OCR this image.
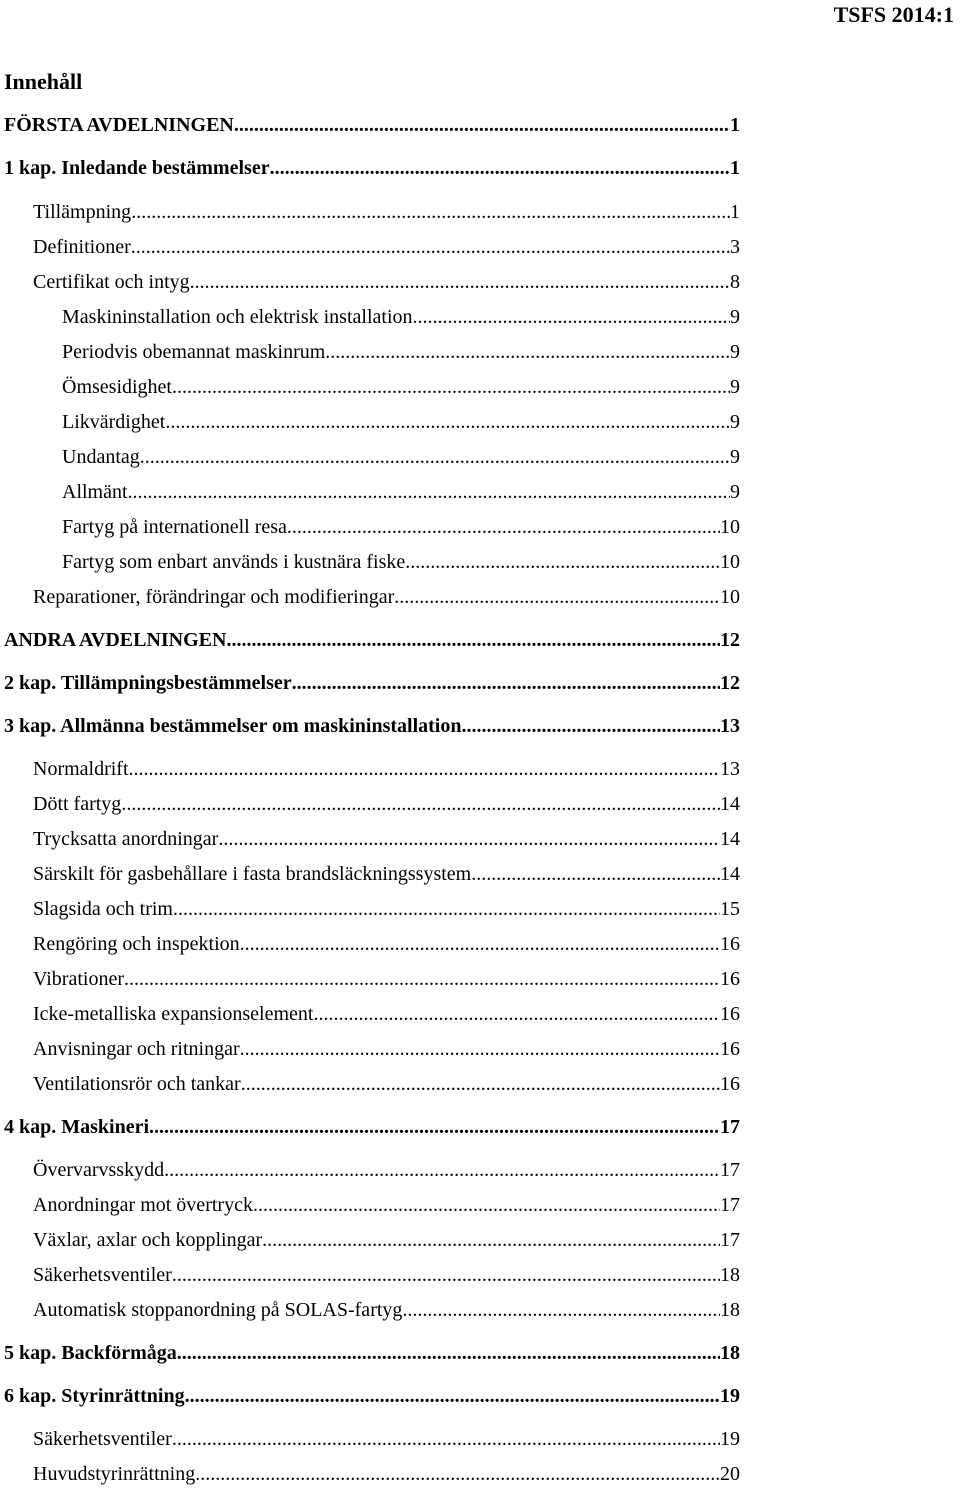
TSFS 2014:1
Innehåll
FÖRSTA AVDELNINGEN .....	1
1 kap. Inledande bestämmelser .....	1
Tillämpning .....	1
Definitioner .....	3
Certifikat och intyg .....	8
Maskininstallation och elektrisk installation .....	9
Periodvis obemannat maskinrum .....	9
Ömsesidighet .....	9
Likvärdighet .....	9
Undantag .....	9
Allmänt .....	9
Fartyg på internationell resa .....	10
Fartyg som enbart används i kustnära fiske .....	10
Reparationer, förändringar och modifieringar .....	10
ANDRA AVDELNINGEN .....	12
2 kap. Tillämpningsbestämmelser .....	12
3 kap. Allmänna bestämmelser om maskininstallation .....	13
Normaldrift .....	13
Dött fartyg .....	14
Trycksatta anordningar .....	14
Särskilt för gasbehållare i fasta brandsläckningssystem .....	14
Slagsida och trim .....	15
Rengöring och inspektion .....	16
Vibrationer .....	16
Icke-metalliska expansionselement .....	16
Anvisningar och ritningar .....	16
Ventilationsrör och tankar .....	16
4 kap. Maskineri .....	17
Övervarvsskydd .....	17
Anordningar mot övertryck .....	17
Växlar, axlar och kopplingar .....	17
Säkerhetsventiler .....	18
Automatisk stoppanordning på SOLAS-fartyg .....	18
5 kap. Backförmåga .....	18
6 kap. Styrinrättning .....	19
Säkerhetsventiler .....	19
Huvudstyrinrättning .....	20
